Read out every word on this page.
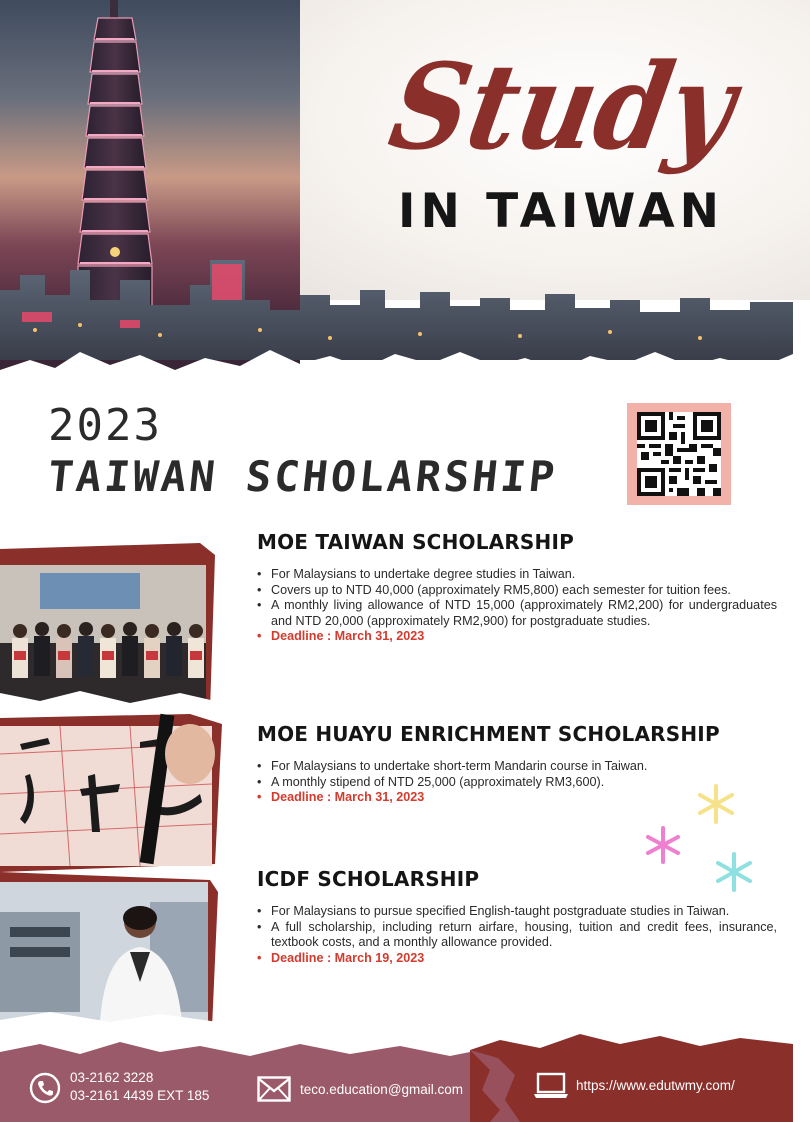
Study
IN TAIWAN
2023
TAIWAN SCHOLARSHIP
MOE TAIWAN SCHOLARSHIP
• For Malaysians to undertake degree studies in Taiwan.
• Covers up to NTD 40,000 (approximately RM5,800) each semester for tuition fees.
• A monthly living allowance of NTD 15,000 (approximately RM2,200) for undergraduates and NTD 20,000 (approximately RM2,900) for postgraduate studies.
• Deadline : March 31, 2023
MOE HUAYU ENRICHMENT SCHOLARSHIP
• For Malaysians to undertake short-term Mandarin course in Taiwan.
• A monthly stipend of NTD 25,000 (approximately RM3,600).
• Deadline : March 31, 2023
ICDF SCHOLARSHIP
• For Malaysians to pursue specified English-taught postgraduate studies in Taiwan.
• A full scholarship, including return airfare, housing, tuition and credit fees, insurance, textbook costs, and a monthly allowance provided.
• Deadline : March 19, 2023
03-2162 3228
03-2161 4439 EXT 185	teco.education@gmail.com	https://www.edutwmy.com/
